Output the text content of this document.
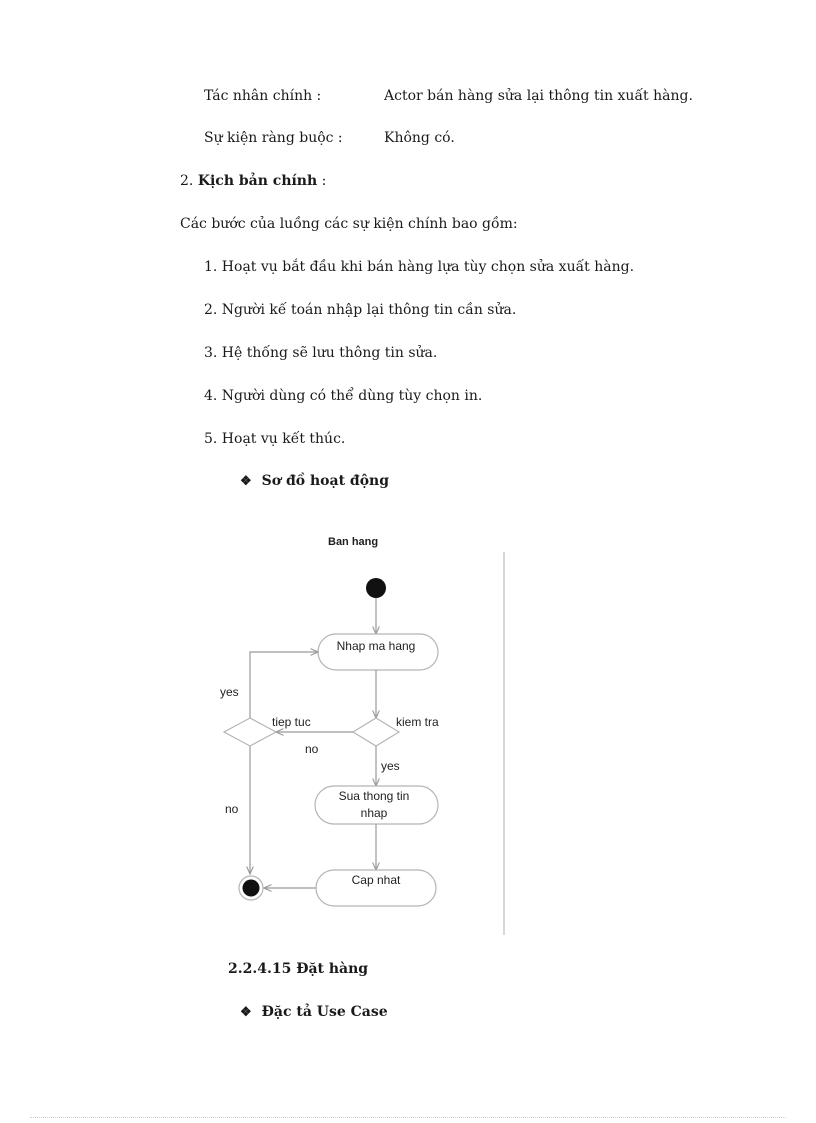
Tác nhân chính :	Actor bán hàng sửa lại thông tin xuất hàng.
Sự kiện ràng buộc :	Không có.
2. Kịch bản chính :
Các bước của luồng các sự kiện chính bao gồm:
1. Hoạt vụ bắt đầu khi bán hàng lựa tùy chọn sửa xuất hàng.
2. Người kế toán nhập lại thông tin cần sửa.
3. Hệ thống sẽ lưu thông tin sửa.
4. Người dùng có thể dùng tùy chọn in.
5. Hoạt vụ kết thúc.
❖ Sơ đồ hoạt động
Ban hang
Nhap ma hang
kiem tra
yes
no
tiep tuc
yes
no
Sua thong tin
nhap
Cap nhat
2.2.4.15 Đặt hàng
❖ Đặc tả Use Case
